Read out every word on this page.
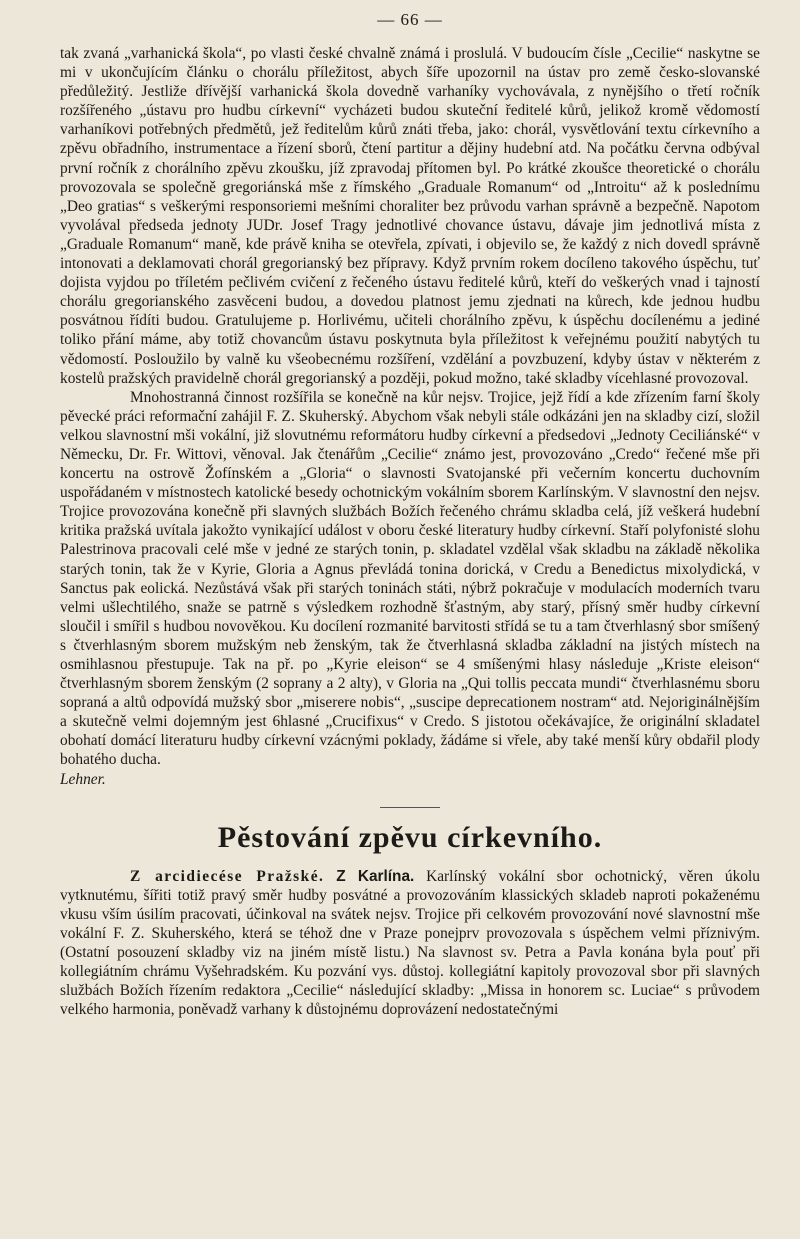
— 66 —

tak zvaná „varhanická škola“, po vlasti české chvalně známá i proslulá. V budoucím čísle „Cecilie“ naskytne se mi v ukončujícím článku o chorálu příležitost, abych šíře upozornil na ústav pro země česko-slovanské předůležitý. Jestliže dřívější varhanická škola dovedně varhaníky vychovávala, z nynějšího o třetí ročník rozšířeného „ústavu pro hudbu církevní“ vycházeti budou skuteční ředitelé kůrů, jelikož kromě vědomostí varhaníkovi potřebných předmětů, jež ředitelům kůrů znáti třeba, jako: chorál, vysvětlování textu církevního a zpěvu obřadního, instrumentace a řízení sborů, čtení partitur a dějiny hudební atd. Na počátku června odbýval první ročník z chorálního zpěvu zkoušku, jíž zpravodaj přítomen byl. Po krátké zkoušce theoretické o chorálu provozovala se společně gregoriánská mše z římského „Graduale Romanum“ od „Introitu“ až k poslednímu „Deo gratias“ s veškerými responsoriemi mešními choraliter bez průvodu varhan správně a bezpečně. Napotom vyvolával předseda jednoty JUDr. Josef Tragy jednotlivé chovance ústavu, dávaje jim jednotlivá místa z „Graduale Romanum“ maně, kde právě kniha se otevřela, zpívati, i objevilo se, že každý z nich dovedl správně intonovati a deklamovati chorál gregorianský bez přípravy. Když prvním rokem docíleno takového úspěchu, tuť dojista vyjdou po tříletém pečlivém cvičení z řečeného ústavu ředitelé kůrů, kteří do veškerých vnad i tajností chorálu gregorianského zasvěceni budou, a dovedou platnost jemu zjednati na kůrech, kde jednou hudbu posvátnou řídíti budou. Gratulujeme p. Horlivému, učiteli chorálního zpěvu, k úspěchu docílenému a jediné toliko přání máme, aby totiž chovancům ústavu poskytnuta byla příležitost k veřejnému použití nabytých tu vědomostí. Posloužilo by valně ku všeobecnému rozšíření, vzdělání a povzbuzení, kdyby ústav v některém z kostelů pražských pravidelně chorál gregorianský a později, pokud možno, také skladby vícehlasné provozoval.

Mnohostranná činnost rozšířila se konečně na kůr nejsv. Trojice, jejž řídí a kde zřízením farní školy pěvecké práci reformační zahájil F. Z. Skuherský. Abychom však nebyli stále odkázáni jen na skladby cizí, složil velkou slavnostní mši vokální, již slovutnému reformátoru hudby církevní a předsedovi „Jednoty Ceciliánské“ v Německu, Dr. Fr. Wittovi, věnoval. Jak čtenářům „Cecilie“ známo jest, provozováno „Credo“ řečené mše při koncertu na ostrově Žofínském a „Gloria“ o slavnosti Svatojanské při večerním koncertu duchovním uspořádaném v místnostech katolické besedy ochotnickým vokálním sborem Karlínským. V slavnostní den nejsv. Trojice provozována konečně při slavných službách Božích řečeného chrámu skladba celá, jíž veškerá hudební kritika pražská uvítala jakožto vynikající událost v oboru české literatury hudby církevní. Staří polyfonisté slohu Palestrinova pracovali celé mše v jedné ze starých tonin, p. skladatel vzdělal však skladbu na základě několika starých tonin, tak že v Kyrie, Gloria a Agnus převládá tonina dorická, v Credu a Benedictus mixolydická, v Sanctus pak eolická. Nezůstává však při starých toninách státi, nýbrž pokračuje v modulacích moderních tvaru velmi ušlechtilého, snaže se patrně s výsledkem rozhodně šťastným, aby starý, přísný směr hudby církevní sloučil i smířil s hudbou novověkou. Ku docílení rozmanité barvitosti střídá se tu a tam čtverhlasný sbor smíšený s čtverhlasným sborem mužským neb ženským, tak že čtverhlasná skladba základní na jistých místech na osmihlasnou přestupuje. Tak na př. po „Kyrie eleison“ se 4 smíšenými hlasy následuje „Kriste eleison“ čtverhlasným sborem ženským (2 soprany a 2 alty), v Gloria na „Qui tollis peccata mundi“ čtverhlasnému sboru sopraná a altů odpovídá mužský sbor „miserere nobis“, „suscipe deprecationem nostram“ atd. Nejoriginálnějším a skutečně velmi dojemným jest 6hlasné „Crucifixus“ v Credo. S jistotou očekávajíce, že originální skladatel obohatí domácí literaturu hudby církevní vzácnými poklady, žádáme si vřele, aby také menší kůry obdařil plody bohatého ducha.

Lehner.

Pěstování zpěvu církevního.

Z arcidiecése Pražské. Z Karlína. Karlínský vokální sbor ochotnický, věren úkolu vytknutému, šířiti totiž pravý směr hudby posvátné a provozováním klassických skladeb naproti pokaženému vkusu vším úsilím pracovati, účinkoval na svátek nejsv. Trojice při celkovém provozování nové slavnostní mše vokální F. Z. Skuherského, která se téhož dne v Praze ponejprv provozovala s úspěchem velmi příznivým. (Ostatní posouzení skladby viz na jiném místě listu.) Na slavnost sv. Petra a Pavla konána byla pouť při kollegiátním chrámu Vyšehradském. Ku pozvání vys. důstoj. kollegiátní kapitoly provozoval sbor při slavných službách Božích řízením redaktora „Cecilie“ následující skladby: „Missa in honorem sc. Luciae“ s průvodem velkého harmonia, poněvadž varhany k důstojnému doprovázení nedostatečnými
